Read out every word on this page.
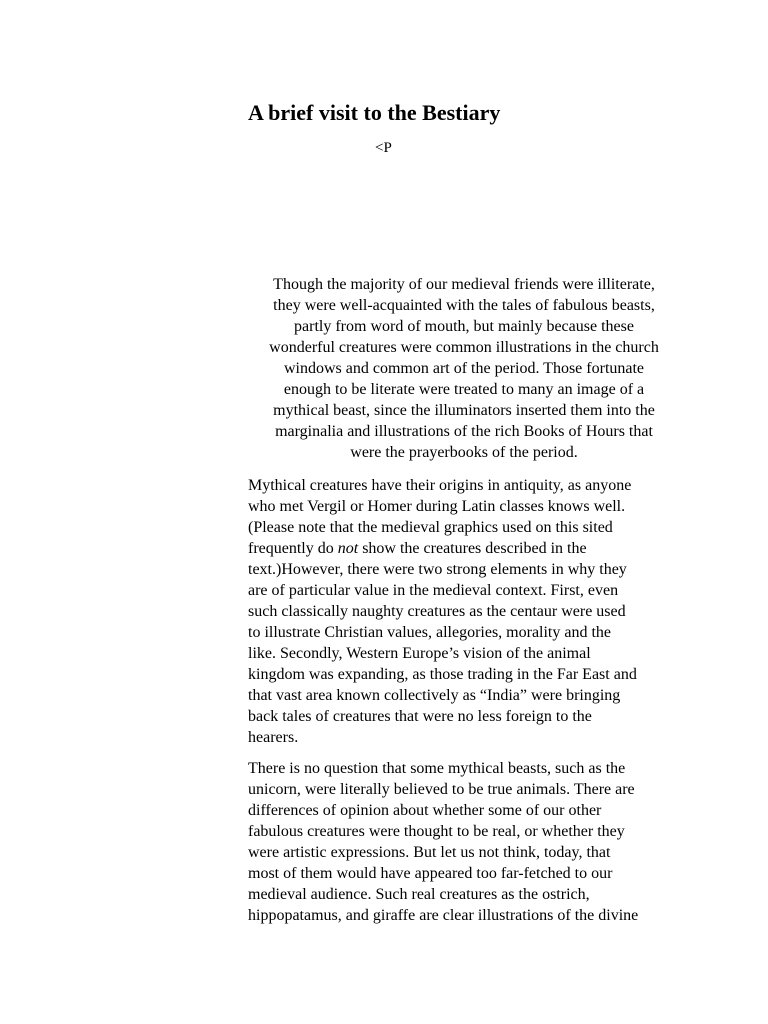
A brief visit to the Bestiary
<P

Though the majority of our medieval friends were illiterate,
they were well-acquainted with the tales of fabulous beasts,
partly from word of mouth, but mainly because these
wonderful creatures were common illustrations in the church
windows and common art of the period. Those fortunate
enough to be literate were treated to many an image of a
mythical beast, since the illuminators inserted them into the
marginalia and illustrations of the rich Books of Hours that
were the prayerbooks of the period.

Mythical creatures have their origins in antiquity, as anyone
who met Vergil or Homer during Latin classes knows well.
(Please note that the medieval graphics used on this sited
frequently do not show the creatures described in the
text.)However, there were two strong elements in why they
are of particular value in the medieval context. First, even
such classically naughty creatures as the centaur were used
to illustrate Christian values, allegories, morality and the
like. Secondly, Western Europe’s vision of the animal
kingdom was expanding, as those trading in the Far East and
that vast area known collectively as “India” were bringing
back tales of creatures that were no less foreign to the
hearers.

There is no question that some mythical beasts, such as the
unicorn, were literally believed to be true animals. There are
differences of opinion about whether some of our other
fabulous creatures were thought to be real, or whether they
were artistic expressions. But let us not think, today, that
most of them would have appeared too far-fetched to our
medieval audience. Such real creatures as the ostrich,
hippopatamus, and giraffe are clear illustrations of the divine
